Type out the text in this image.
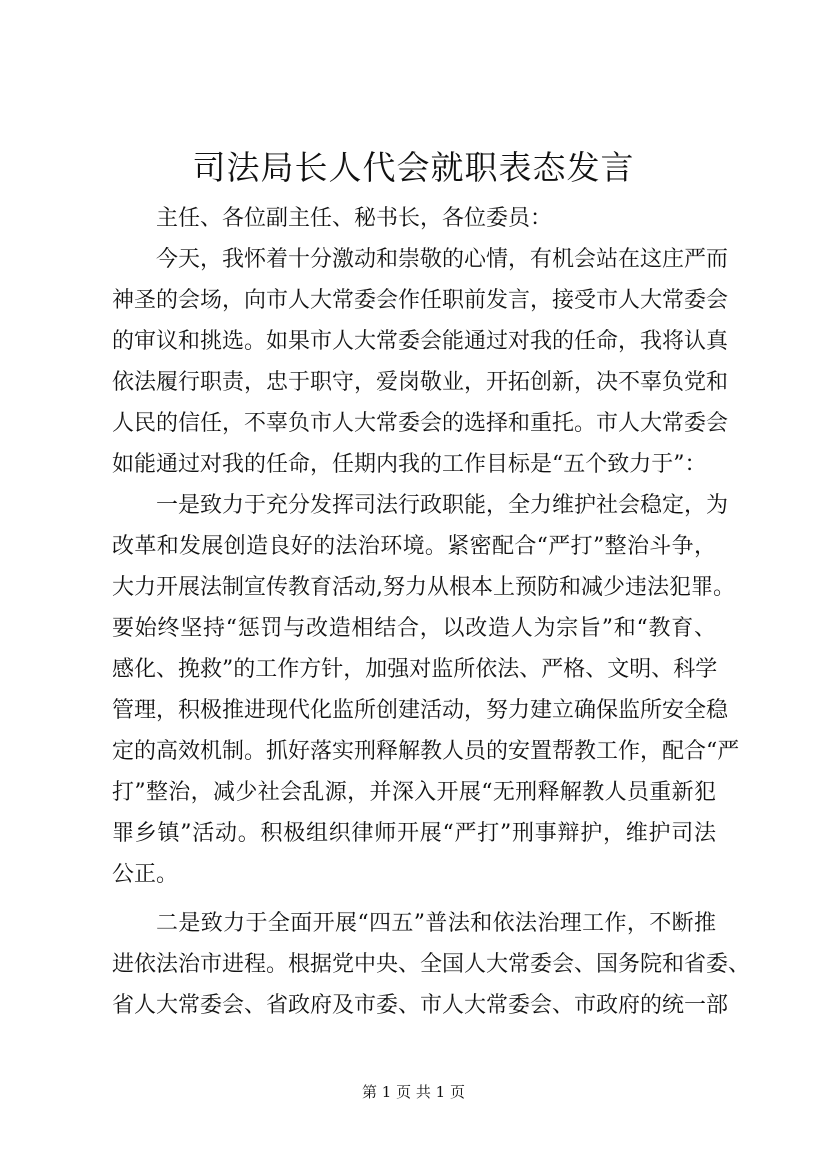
司法局长人代会就职表态发言
主任、各位副主任、秘书长，各位委员：
今天，我怀着十分激动和崇敬的心情，有机会站在这庄严而
神圣的会场，向市人大常委会作任职前发言，接受市人大常委会
的审议和挑选。如果市人大常委会能通过对我的任命，我将认真
依法履行职责，忠于职守，爱岗敬业，开拓创新，决不辜负党和
人民的信任，不辜负市人大常委会的选择和重托。市人大常委会
如能通过对我的任命，任期内我的工作目标是“五个致力于”：
一是致力于充分发挥司法行政职能，全力维护社会稳定，为
改革和发展创造良好的法治环境。紧密配合“严打”整治斗争，
大力开展法制宣传教育活动,努力从根本上预防和减少违法犯罪。
要始终坚持“惩罚与改造相结合，以改造人为宗旨”和“教育、
感化、挽救”的工作方针，加强对监所依法、严格、文明、科学
管理，积极推进现代化监所创建活动，努力建立确保监所安全稳
定的高效机制。抓好落实刑释解教人员的安置帮教工作，配合“严
打”整治，减少社会乱源，并深入开展“无刑释解教人员重新犯
罪乡镇”活动。积极组织律师开展“严打”刑事辩护，维护司法
公正。
二是致力于全面开展“四五”普法和依法治理工作，不断推
进依法治市进程。根据党中央、全国人大常委会、国务院和省委、
省人大常委会、省政府及市委、市人大常委会、市政府的统一部
第 1 页 共 1 页
